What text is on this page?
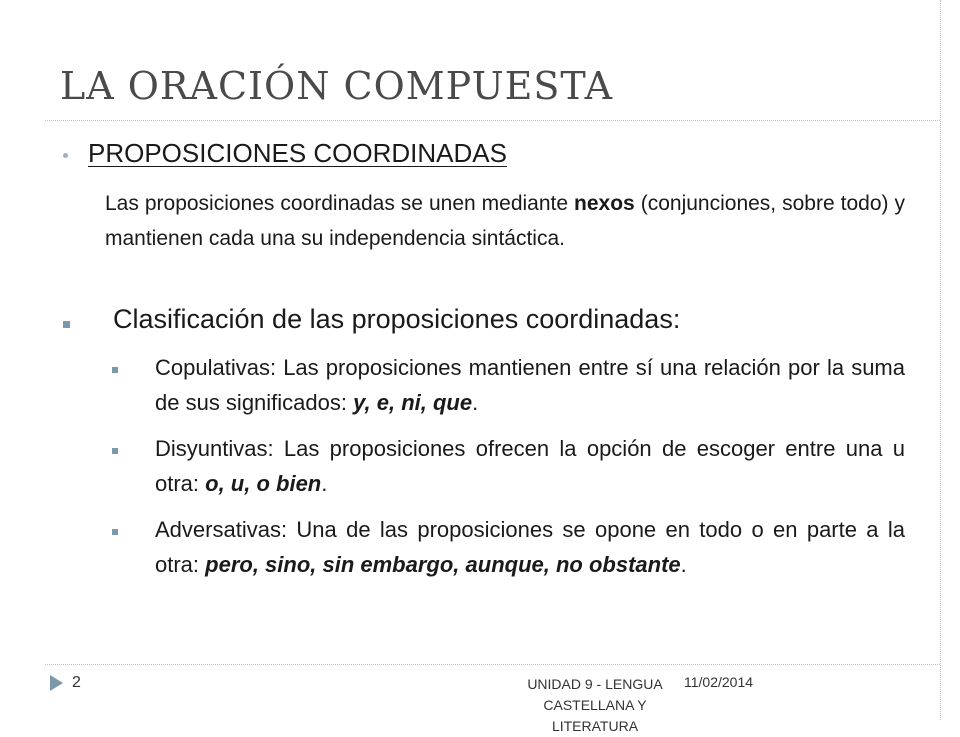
LA ORACIÓN COMPUESTA
PROPOSICIONES COORDINADAS
Las proposiciones coordinadas se unen mediante nexos (conjunciones, sobre todo) y mantienen cada una su independencia sintáctica.
Clasificación de las proposiciones coordinadas:
Copulativas: Las proposiciones mantienen entre sí una relación por la suma de sus significados: y, e, ni, que.
Disyuntivas: Las proposiciones ofrecen la opción de escoger entre una u otra: o, u, o bien.
Adversativas: Una de las proposiciones se opone en todo o en parte a la otra: pero, sino, sin embargo, aunque, no obstante.
2	UNIDAD 9 - LENGUA CASTELLANA Y LITERATURA
11/02/2014
